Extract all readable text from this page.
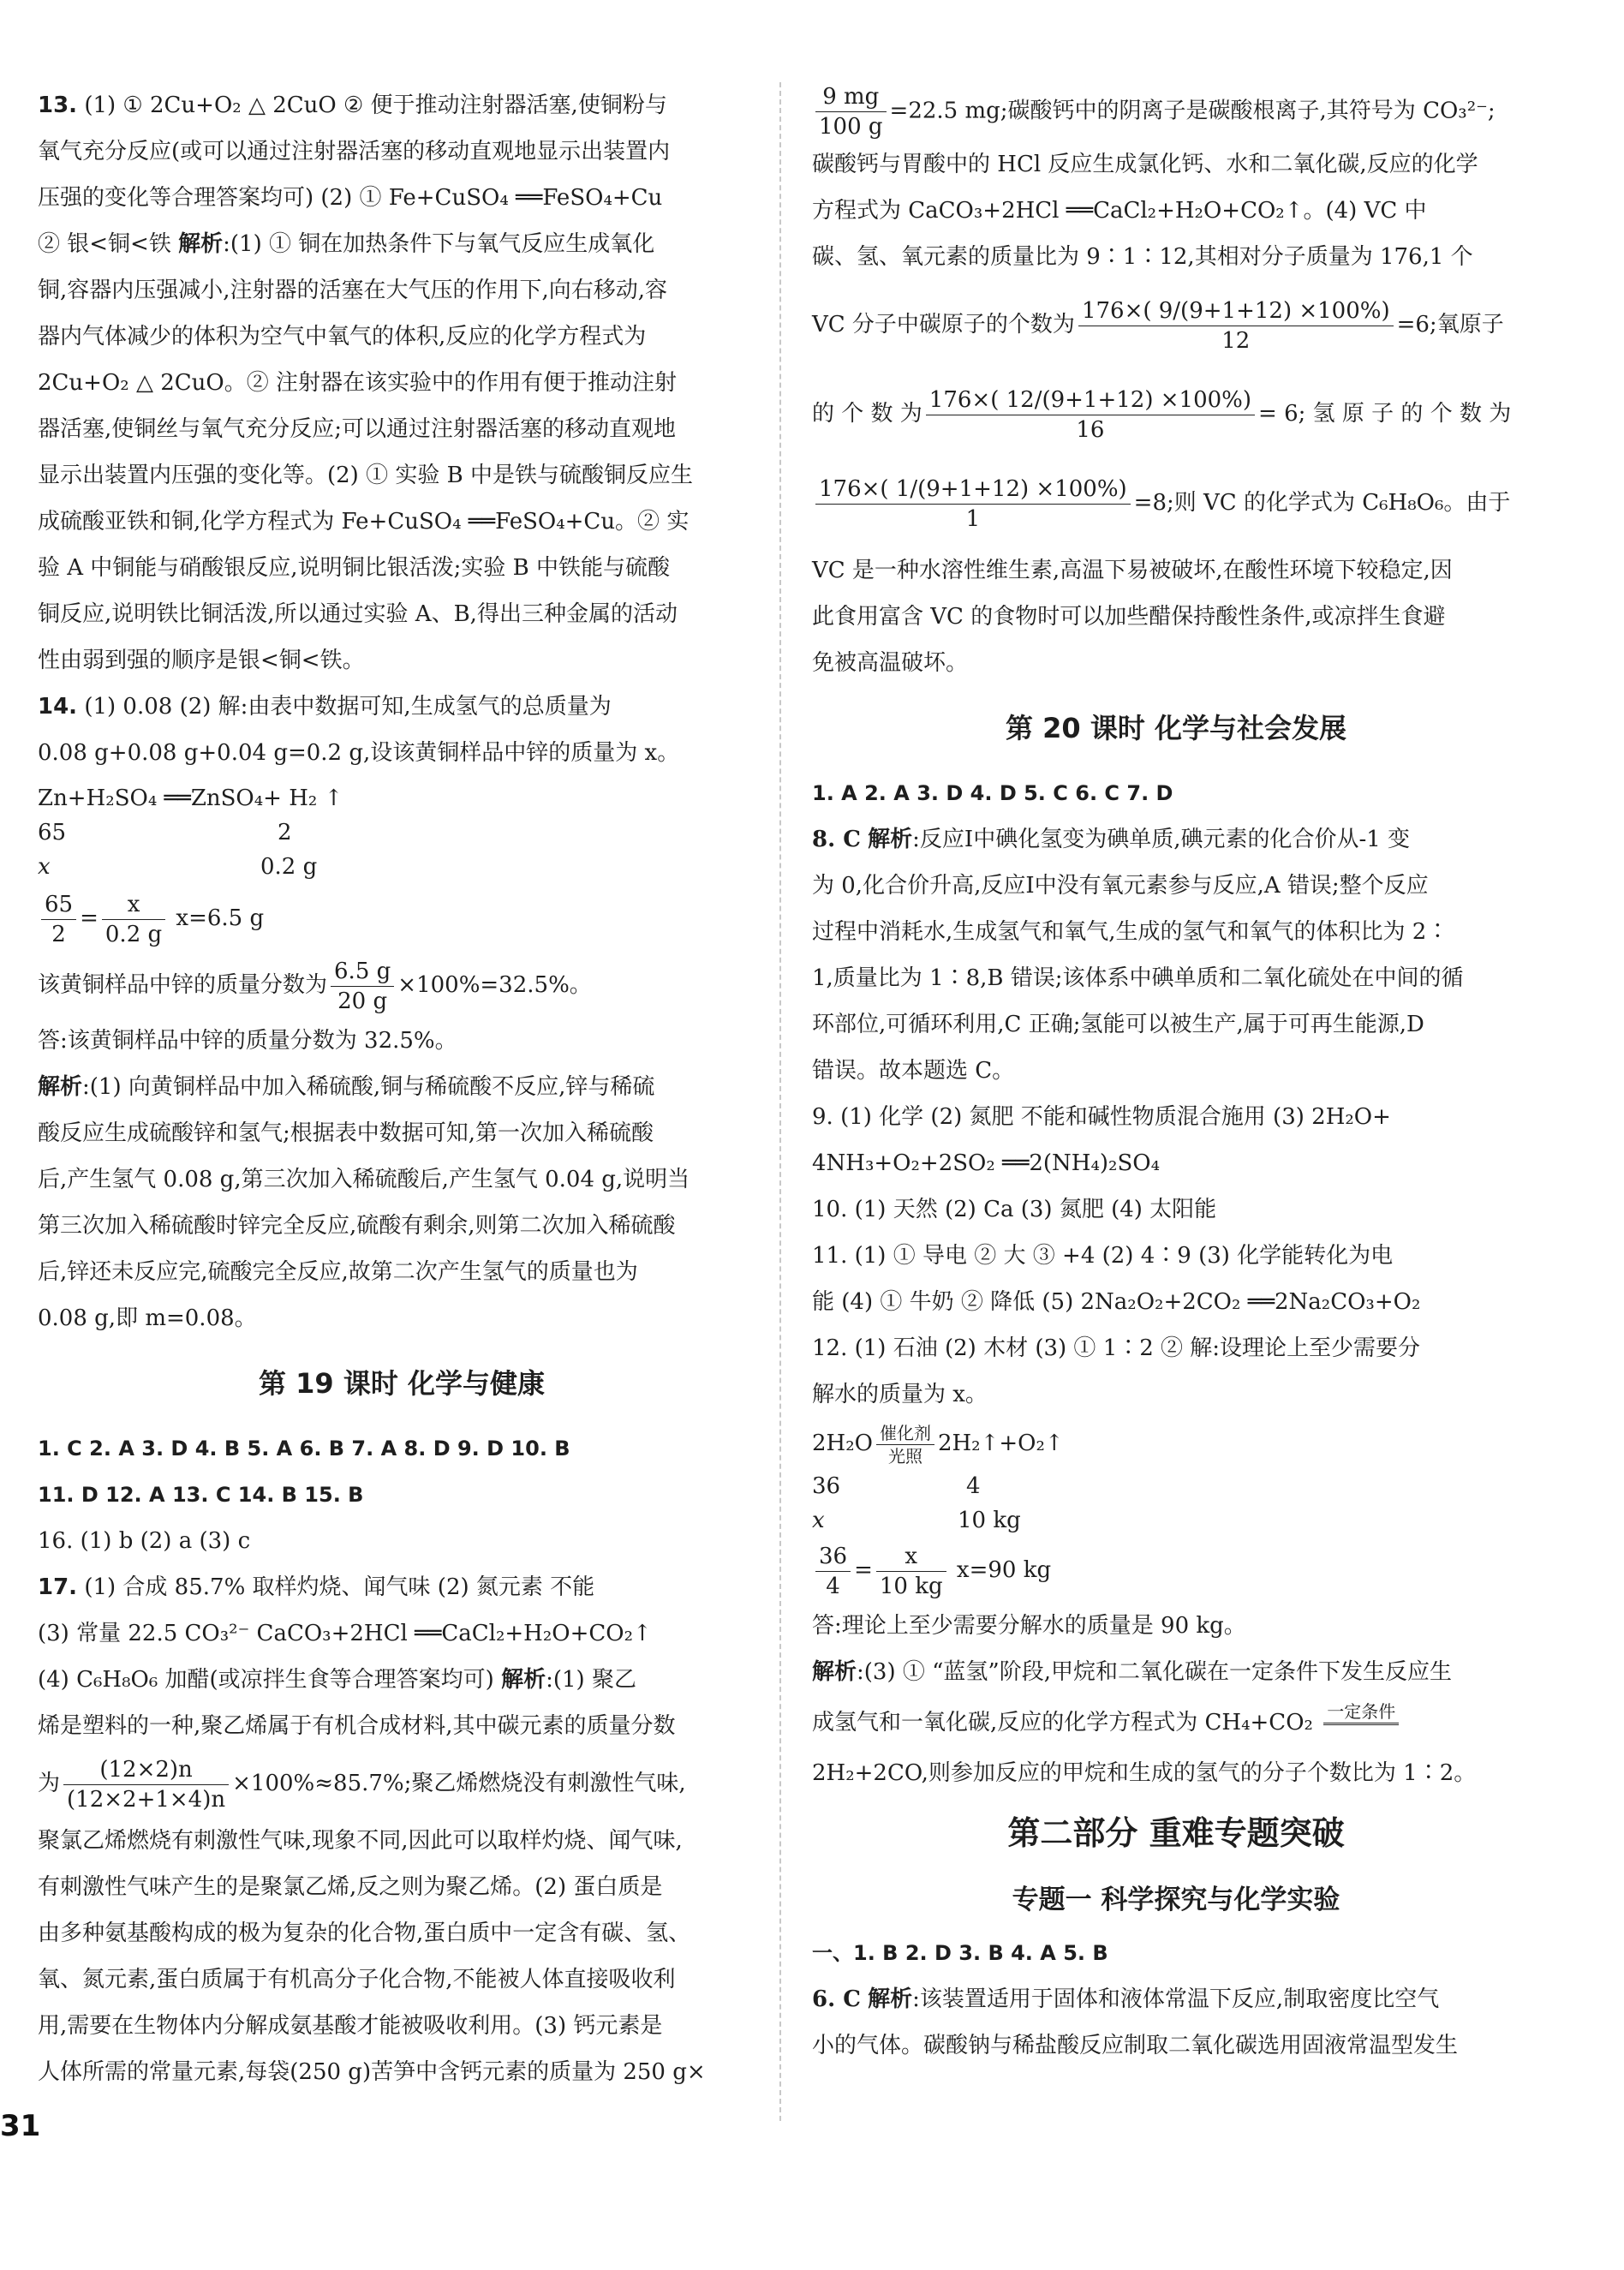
13. (1) ① 2Cu+O₂ △ 2CuO ② 便于推动注射器活塞,使铜粉与

氧气充分反应(或可以通过注射器活塞的移动直观地显示出装置内

压强的变化等合理答案均可) (2) ① Fe+CuSO₄ ══FeSO₄+Cu

② 银<铜<铁 解析:(1) ① 铜在加热条件下与氧气反应生成氧化

铜,容器内压强减小,注射器的活塞在大气压的作用下,向右移动,容

器内气体减少的体积为空气中氧气的体积,反应的化学方程式为

2Cu+O₂ △ 2CuO。② 注射器在该实验中的作用有便于推动注射

器活塞,使铜丝与氧气充分反应;可以通过注射器活塞的移动直观地

显示出装置内压强的变化等。(2) ① 实验 B 中是铁与硫酸铜反应生

成硫酸亚铁和铜,化学方程式为 Fe+CuSO₄ ══FeSO₄+Cu。② 实

验 A 中铜能与硝酸银反应,说明铜比银活泼;实验 B 中铁能与硫酸

铜反应,说明铁比铜活泼,所以通过实验 A、B,得出三种金属的活动

性由弱到强的顺序是银<铜<铁。

14. (1) 0.08 (2) 解:由表中数据可知,生成氢气的总质量为

0.08 g+0.08 g+0.04 g=0.2 g,设该黄铜样品中锌的质量为 x。

Zn+H₂SO₄ ══ZnSO₄+ H₂ ↑

65	2

x	0.2 g

$\frac{65}{2} = \frac{x}{0.2 g} x=6.5$ g

该黄铜样品中锌的质量分数为 $\frac{6.5 g}{20 g} \times 100\%=32.5\%$。

答:该黄铜样品中锌的质量分数为 32.5%。

解析:(1) 向黄铜样品中加入稀硫酸,铜与稀硫酸不反应,锌与稀硫

酸反应生成硫酸锌和氢气;根据表中数据可知,第一次加入稀硫酸

后,产生氢气 0.08 g,第三次加入稀硫酸后,产生氢气 0.04 g,说明当

第三次加入稀硫酸时锌完全反应,硫酸有剩余,则第二次加入稀硫酸

后,锌还未反应完,硫酸完全反应,故第二次产生氢气的质量也为

0.08 g,即 m=0.08。

第 19 课时 化学与健康

1. C 2. A 3. D 4. B 5. A 6. B 7. A 8. D 9. D 10. B

11. D 12. A 13. C 14. B 15. B

16. (1) b (2) a (3) c

17. (1) 合成 85.7% 取样灼烧、闻气味 (2) 氮元素 不能

(3) 常量 22.5 CO₃²⁻ CaCO₃+2HCl ══CaCl₂+H₂O+CO₂↑

(4) C₆H₈O₆ 加醋(或凉拌生食等合理答案均可) 解析:(1) 聚乙

烯是塑料的一种,聚乙烯属于有机合成材料,其中碳元素的质量分数

为 $\frac{(12\times 2)n}{(12\times 2+1\times 4)n} \times 100\%\approx 85.7\%$;聚乙烯燃烧没有刺激性气味,

聚氯乙烯燃烧有刺激性气味,现象不同,因此可以取样灼烧、闻气味,

有刺激性气味产生的是聚氯乙烯,反之则为聚乙烯。(2) 蛋白质是

由多种氨基酸构成的极为复杂的化合物,蛋白质中一定含有碳、氢、

氧、氮元素,蛋白质属于有机高分子化合物,不能被人体直接吸收利

用,需要在生物体内分解成氨基酸才能被吸收利用。(3) 钙元素是

人体所需的常量元素,每袋(250 g)苦笋中含钙元素的质量为 250 g×

$\frac{9 mg}{100 g} =22.5$ mg;碳酸钙中的阴离子是碳酸根离子,其符号为 CO₃²⁻;

碳酸钙与胃酸中的 HCl 反应生成氯化钙、水和二氧化碳,反应的化学

方程式为 CaCO₃+2HCl ══CaCl₂+H₂O+CO₂↑。(4) VC 中

碳、氢、氧元素的质量比为 9∶1∶12,其相对分子质量为 176,1 个

VC 分子中碳原子的个数为 $\frac{176\times( 9/(9+1+12) \times 100\%)}{12} =6$;氧原子

的 个 数 为 $\frac{176\times( 12/(9+1+12) \times 100\%)}{16} = 6$; 氢 原 子 的 个 数 为

$\frac{176\times( 1/(9+1+12) \times 100\%)}{1} =8$;则 VC 的化学式为 C₆H₈O₆。由于

VC 是一种水溶性维生素,高温下易被破坏,在酸性环境下较稳定,因

此食用富含 VC 的食物时可以加些醋保持酸性条件,或凉拌生食避

免被高温破坏。

第 20 课时 化学与社会发展

1. A 2. A 3. D 4. D 5. C 6. C 7. D

8. C 解析:反应Ⅰ中碘化氢变为碘单质,碘元素的化合价从-1 变

为 0,化合价升高,反应Ⅰ中没有氧元素参与反应,A 错误;整个反应

过程中消耗水,生成氢气和氧气,生成的氢气和氧气的体积比为 2∶

1,质量比为 1∶8,B 错误;该体系中碘单质和二氧化硫处在中间的循

环部位,可循环利用,C 正确;氢能可以被生产,属于可再生能源,D

错误。故本题选 C。

9. (1) 化学 (2) 氮肥 不能和碱性物质混合施用 (3) 2H₂O+

4NH₃+O₂+2SO₂ ══2(NH₄)₂SO₄

10. (1) 天然 (2) Ca (3) 氮肥 (4) 太阳能

11. (1) ① 导电 ② 大 ③ +4 (2) 4∶9 (3) 化学能转化为电

能 (4) ① 牛奶 ② 降低 (5) 2Na₂O₂+2CO₂ ══2Na₂CO₃+O₂

12. (1) 石油 (2) 木材 (3) ① 1∶2 ② 解:设理论上至少需要分

解水的质量为 x。

$2H_2O \frac{\text{催化剂}}{\text{光照}}$ 2H₂↑+O₂↑

36	4

x	10 kg

$\frac{36}{4} = \frac{x}{10 kg} x=90$ kg

答:理论上至少需要分解水的质量是 90 kg。

解析:(3) ① “蓝氢”阶段,甲烷和二氧化碳在一定条件下发生反应生

成氢气和一氧化碳,反应的化学方程式为 CH₄+CO₂ 一定条件

2H₂+2CO,则参加反应的甲烷和生成的氢气的分子个数比为 1∶2。

第二部分 重难专题突破
专题一 科学探究与化学实验

一、1. B 2. D 3. B 4. A 5. B

6. C 解析:该装置适用于固体和液体常温下反应,制取密度比空气

小的气体。碳酸钠与稀盐酸反应制取二氧化碳选用固液常温型发生

31
